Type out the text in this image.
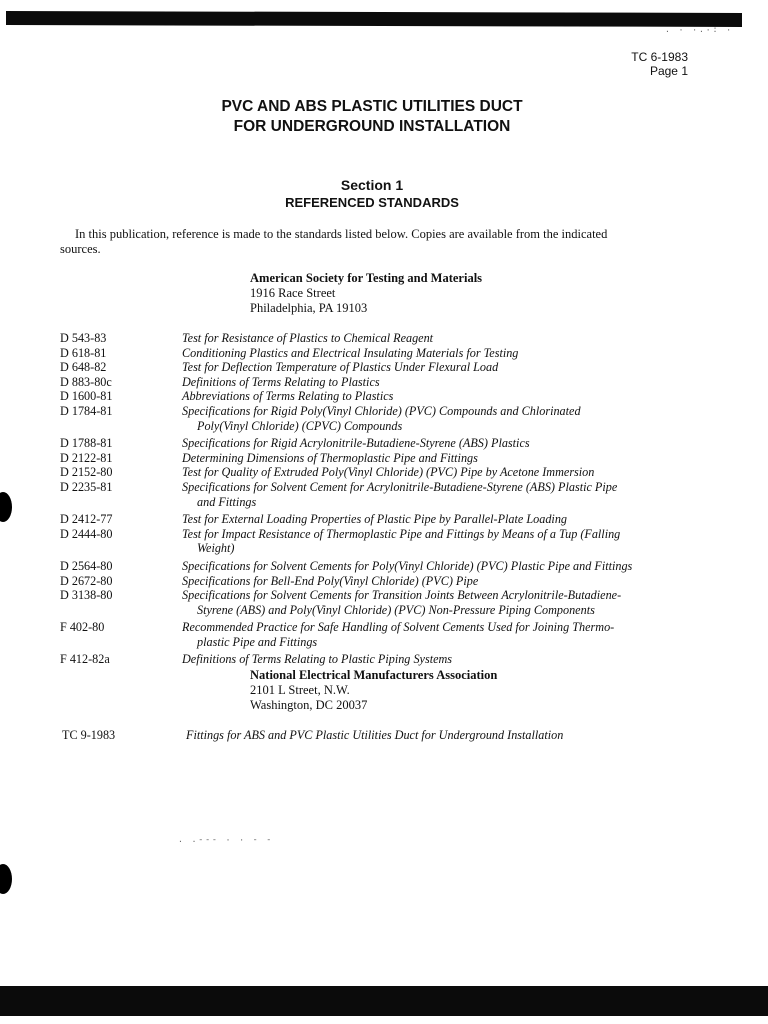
. · ·.·: ·
TC 6-1983
Page 1
PVC AND ABS PLASTIC UTILITIES DUCT
FOR UNDERGROUND INSTALLATION
Section 1
REFERENCED STANDARDS
In this publication, reference is made to the standards listed below. Copies are available from the indicated
sources.
American Society for Testing and Materials
1916 Race Street
Philadelphia, PA 19103
D 543-83	Test for Resistance of Plastics to Chemical Reagent
D 618-81	Conditioning Plastics and Electrical Insulating Materials for Testing
D 648-82	Test for Deflection Temperature of Plastics Under Flexural Load
D 883-80c	Definitions of Terms Relating to Plastics
D 1600-81	Abbreviations of Terms Relating to Plastics
D 1784-81	Specifications for Rigid Poly(Vinyl Chloride) (PVC) Compounds and Chlorinated
Poly(Vinyl Chloride) (CPVC) Compounds
D 1788-81	Specifications for Rigid Acrylonitrile-Butadiene-Styrene (ABS) Plastics
D 2122-81	Determining Dimensions of Thermoplastic Pipe and Fittings
D 2152-80	Test for Quality of Extruded Poly(Vinyl Chloride) (PVC) Pipe by Acetone Immersion
D 2235-81	Specifications for Solvent Cement for Acrylonitrile-Butadiene-Styrene (ABS) Plastic Pipe
and Fittings
D 2412-77	Test for External Loading Properties of Plastic Pipe by Parallel-Plate Loading
D 2444-80	Test for Impact Resistance of Thermoplastic Pipe and Fittings by Means of a Tup (Falling
Weight)
D 2564-80	Specifications for Solvent Cements for Poly(Vinyl Chloride) (PVC) Plastic Pipe and Fittings
D 2672-80	Specifications for Bell-End Poly(Vinyl Chloride) (PVC) Pipe
D 3138-80	Specifications for Solvent Cements for Transition Joints Between Acrylonitrile-Butadiene-
Styrene (ABS) and Poly(Vinyl Chloride) (PVC) Non-Pressure Piping Components
F 402-80	Recommended Practice for Safe Handling of Solvent Cements Used for Joining Thermo-
plastic Pipe and Fittings
F 412-82a	Definitions of Terms Relating to Plastic Piping Systems
National Electrical Manufacturers Association
2101 L Street, N.W.
Washington, DC 20037
TC 9-1983	Fittings for ABS and PVC Plastic Utilities Duct for Underground Installation
. .--- · · - -
